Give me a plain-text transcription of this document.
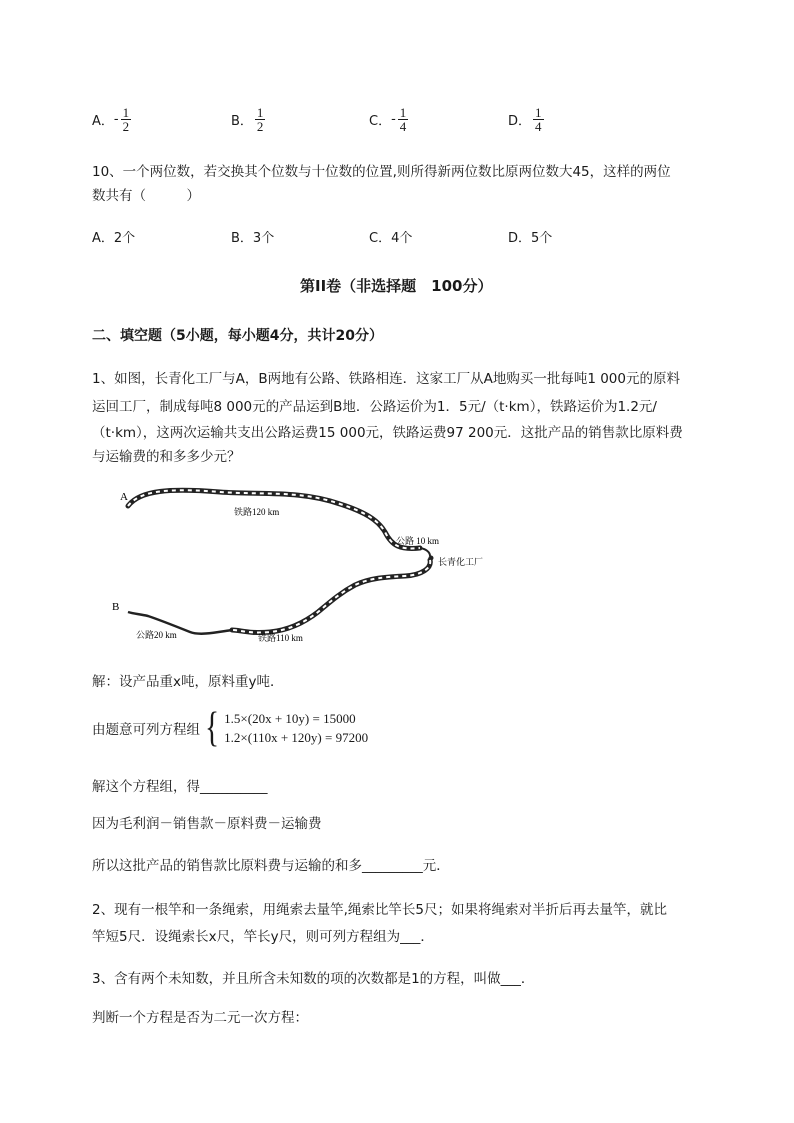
A． - $\frac{1}{2}$	B． $\frac{1}{2}$	C． - $\frac{1}{4}$	D． $\frac{1}{4}$
10、一个两位数，若交换其个位数与十位数的位置,则所得新两位数比原两位数大45，这样的两位
数共有（　　　）
A．2个	B．3个	C．4个	D．5个
第II卷（非选择题　100分）
二、填空题（5小题，每小题4分，共计20分）
1、如图，长青化工厂与A，B两地有公路、铁路相连．这家工厂从A地购买一批每吨1 000元的原料
运回工厂，制成每吨8 000元的产品运到B地．公路运价为1．5元/（t·km），铁路运价为1.2元/
（t·km），这两次运输共支出公路运费15 000元，铁路运费97 200元．这批产品的销售款比原料费
与运输费的和多多少元？
A
B
铁路120 km
公路 10 km
长青化工厂
公路20 km	铁路110 km
解：设产品重x吨，原料重y吨．
由题意可列方程组 { 1.5×(20x + 10y) = 15000
1.2×(110x + 120y) = 97200
解这个方程组，得__________
因为毛利润－销售款－原料费－运输费
所以这批产品的销售款比原料费与运输的和多_________元．
2、现有一根竿和一条绳索，用绳索去量竿,绳索比竿长5尺；如果将绳索对半折后再去量竿，就比
竿短5尺．设绳索长x尺，竿长y尺，则可列方程组为___．
3、含有两个未知数，并且所含未知数的项的次数都是1的方程，叫做___．
判断一个方程是否为二元一次方程：
